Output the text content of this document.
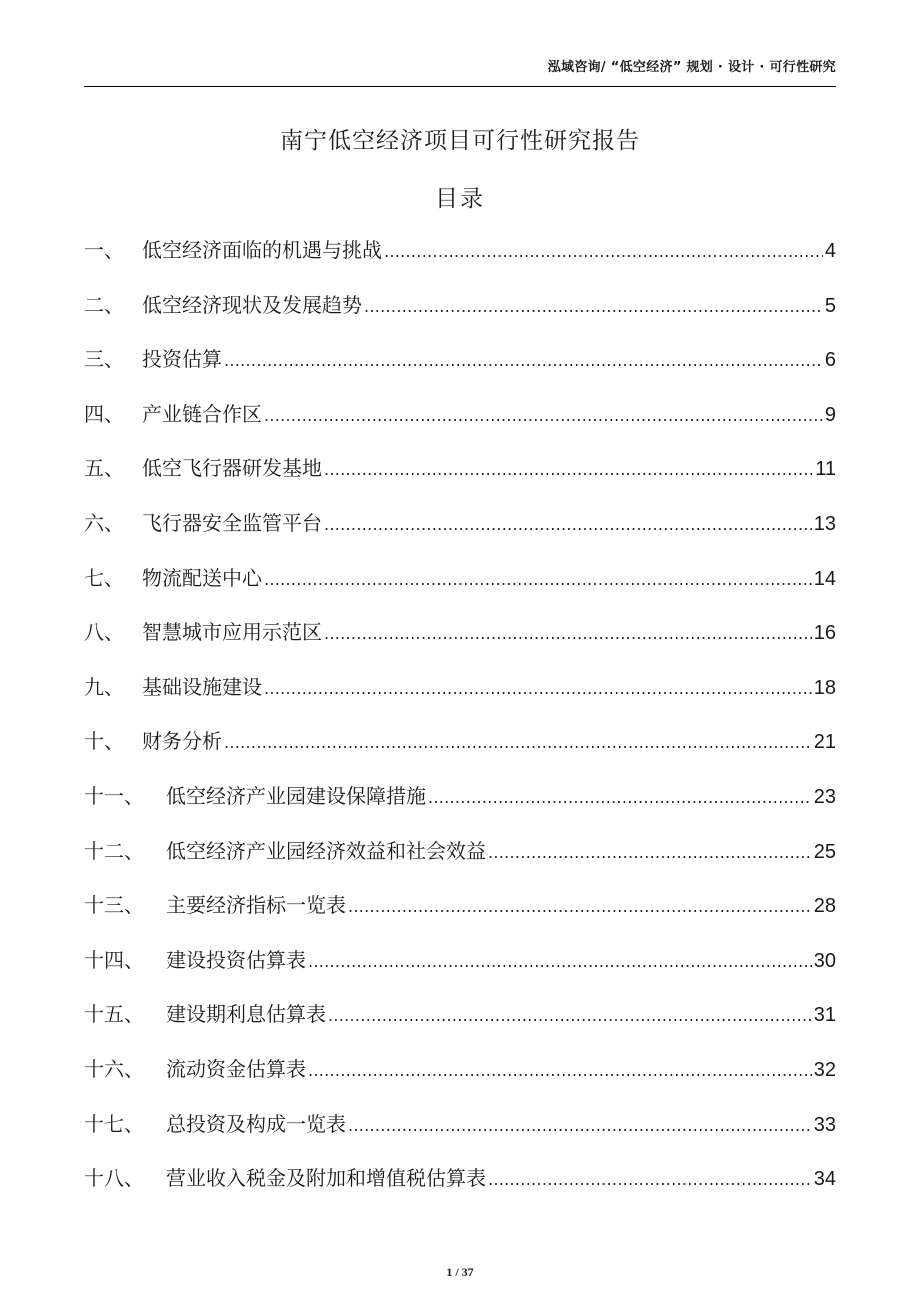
泓域咨询/ “低空经济” 规划 · 设计 · 可行性研究
南宁低空经济项目可行性研究报告
目录
一、 低空经济面临的机遇与挑战 .....	4
二、 低空经济现状及发展趋势 .....	5
三、 投资估算 .....	6
四、 产业链合作区 .....	9
五、 低空飞行器研发基地 .....	11
六、 飞行器安全监管平台 .....	13
七、 物流配送中心 .....	14
八、 智慧城市应用示范区 .....	16
九、 基础设施建设 .....	18
十、 财务分析 .....	21
十一、	低空经济产业园建设保障措施 .....	23
十二、	低空经济产业园经济效益和社会效益 .....	25
十三、	主要经济指标一览表 .....	28
十四、	建设投资估算表 .....	30
十五、	建设期利息估算表 .....	31
十六、	流动资金估算表 .....	32
十七、	总投资及构成一览表 .....	33
十八、	营业收入税金及附加和增值税估算表 .....	34
1 / 37
